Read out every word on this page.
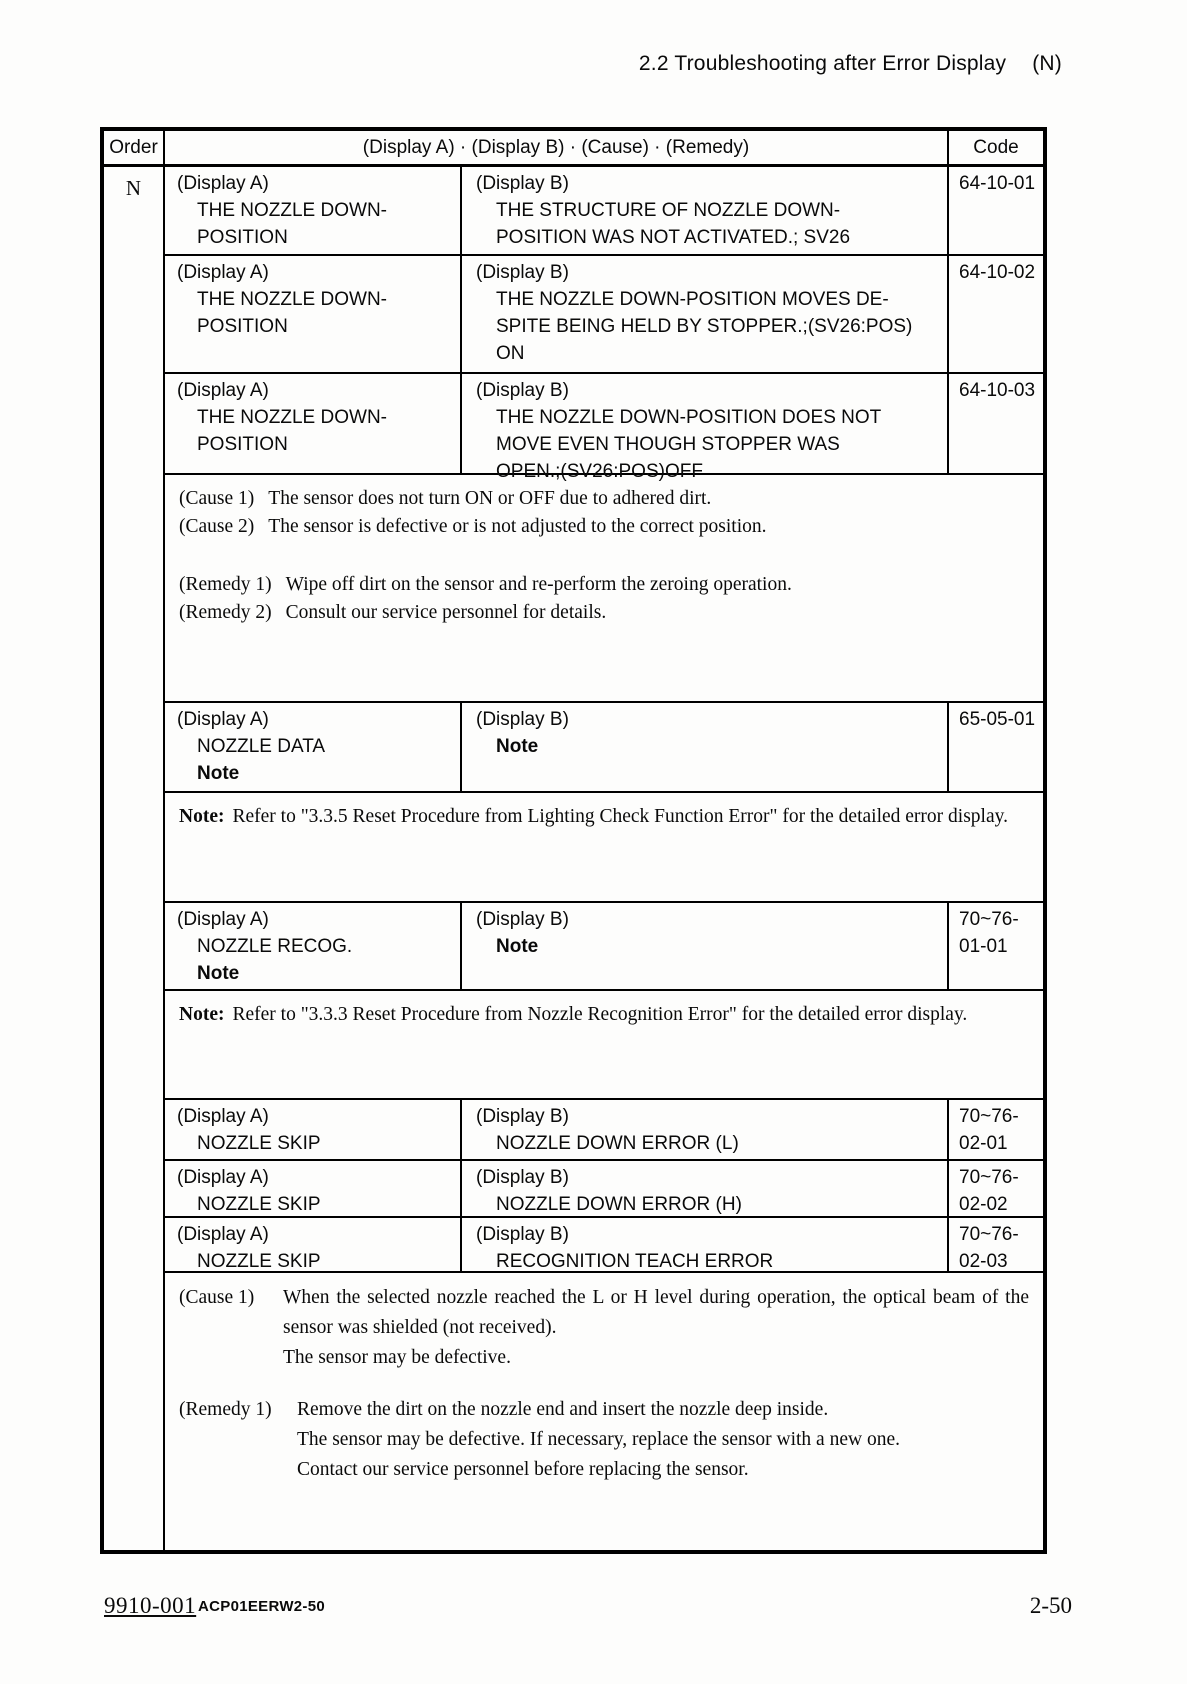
2.2 Troubleshooting after Error Display (N)
Order	(Display A) · (Display B) · (Cause) · (Remedy)	Code
N	(Display A)
THE NOZZLE DOWN-
POSITION
(Display B)
THE STRUCTURE OF NOZZLE DOWN-
POSITION WAS NOT ACTIVATED.; SV26
64-10-01
(Display A)
THE NOZZLE DOWN-
POSITION
(Display B)
THE NOZZLE DOWN-POSITION MOVES DE-
SPITE BEING HELD BY STOPPER.;(SV26:POS)
ON
64-10-02
(Display A)
THE NOZZLE DOWN-
POSITION
(Display B)
THE NOZZLE DOWN-POSITION DOES NOT
MOVE EVEN THOUGH STOPPER WAS
OPEN.;(SV26:POS)OFF
64-10-03
(Cause 1) The sensor does not turn ON or OFF due to adhered dirt.
(Cause 2) The sensor is defective or is not adjusted to the correct position.
(Remedy 1) Wipe off dirt on the sensor and re-perform the zeroing operation.
(Remedy 2) Consult our service personnel for details.
(Display A)
NOZZLE DATA
Note
(Display B)
Note
65-05-01
Note: Refer to "3.3.5 Reset Procedure from Lighting Check Function Error" for the detailed error display.
(Display A)
NOZZLE RECOG.
Note
(Display B)
Note
70~76-
01-01
Note: Refer to "3.3.3 Reset Procedure from Nozzle Recognition Error" for the detailed error display.
(Display A)
NOZZLE SKIP
(Display B)
NOZZLE DOWN ERROR (L)
70~76-
02-01
(Display A)
NOZZLE SKIP
(Display B)
NOZZLE DOWN ERROR (H)
70~76-
02-02
(Display A)
NOZZLE SKIP
(Display B)
RECOGNITION TEACH ERROR
70~76-
02-03
(Cause 1)	When the selected nozzle reached the L or H level during operation, the optical beam of the sensor was shielded (not received).

The sensor may be defective.

(Remedy 1)	Remove the dirt on the nozzle end and insert the nozzle deep inside.

The sensor may be defective. If necessary, replace the sensor with a new one.

Contact our service personnel before replacing the sensor.

9910-001 ACP01EERW2-50	2-50
